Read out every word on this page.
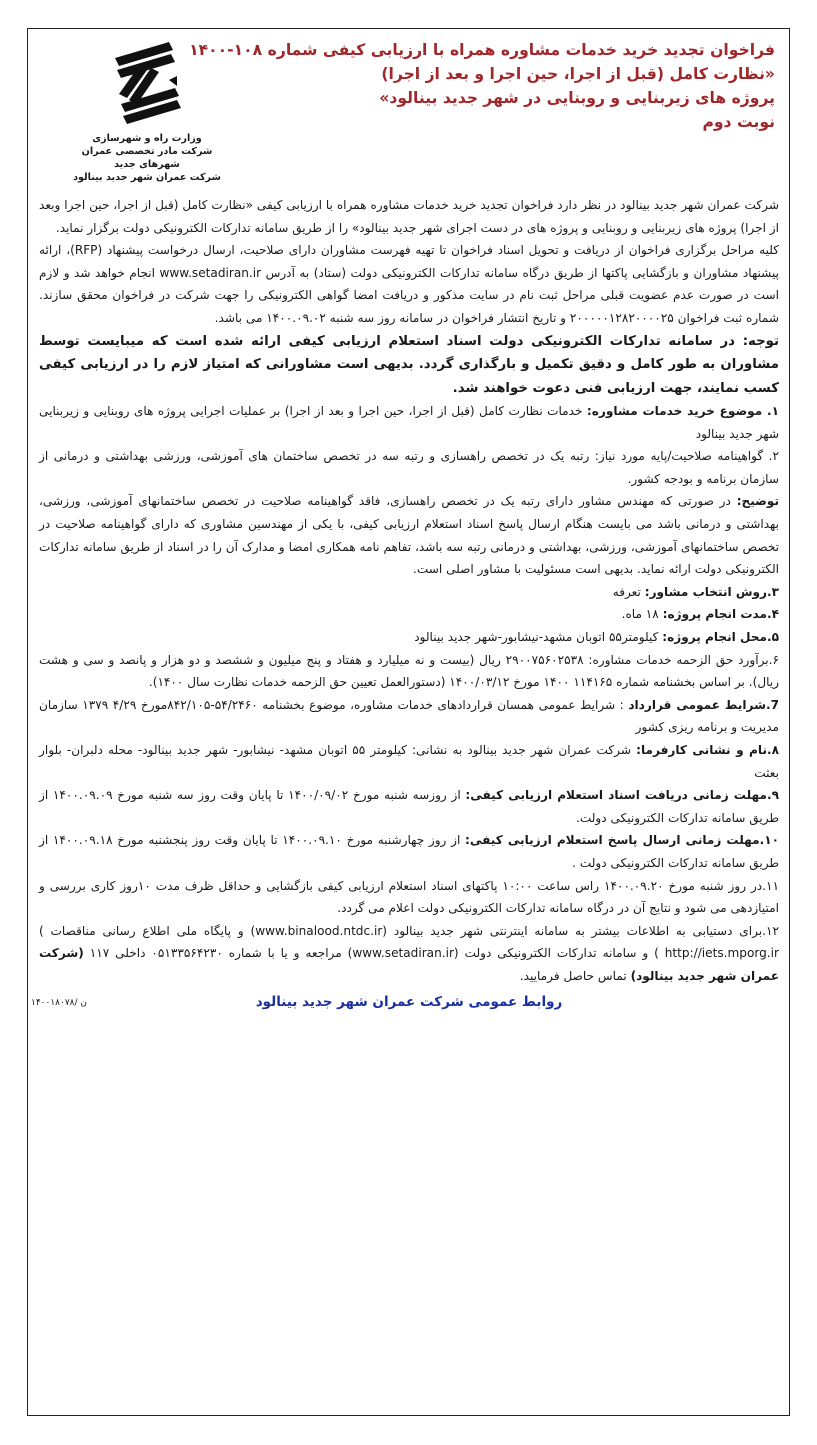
فراخوان تجدید خرید خدمات مشاوره همراه با ارزیابی کیفی شماره ۱۰۸-۱۴۰۰

«نظارت کامل (قبل از اجرا، حین اجرا و بعد از اجرا)

پروژه های زیربنایی و روبنایی در شهر جدید بینالود»

نوبت دوم

وزارت راه و شهرسازی
شرکت مادر تخصصی عمران شهرهای جدید
شرکت عمران شهر جدید بینالود

شرکت عمران شهر جدید بینالود در نظر دارد فراخوان تجدید خرید خدمات مشاوره همراه با ارزیابی کیفی «نظارت کامل (قبل از اجرا، حین اجرا وبعد از اجرا) پروژه های زیربنایی و روبنایی و پروژه های در دست اجرای شهر جدید بینالود» را از طریق سامانه تدارکات الکترونیکی دولت برگزار نماید.

کلیه مراحل برگزاری فراخوان از دریافت و تحویل اسناد فراخوان تا تهیه فهرست مشاوران دارای صلاحیت، ارسال درخواست پیشنهاد (RFP)، ارائه پیشنهاد مشاوران و بازگشایی پاکتها از طریق درگاه سامانه تدارکات الکترونیکی دولت (ستاد) به آدرس www.setadiran.ir انجام خواهد شد و لازم است در صورت عدم عضویت قبلی مراحل ثبت نام در سایت مذکور و دریافت امضا گواهی الکترونیکی را جهت شرکت در فراخوان محقق سازند. شماره ثبت فراخوان ۲۰۰۰۰۰۱۲۸۲۰۰۰۰۲۵ و تاریخ انتشار فراخوان در سامانه روز سه شنبه ۱۴۰۰.۰۹.۰۲ می باشد.

توجه: در سامانه تدارکات الکترونیکی دولت اسناد استعلام ارزیابی کیفی ارائه شده است که میبایست توسط مشاوران به طور کامل و دقیق تکمیل و بارگذاری گردد. بدیهی است مشاورانی که امتیاز لازم را در ارزیابی کیفی کسب نمایند، جهت ارزیابی فنی دعوت خواهند شد.

۱. موضوع خرید خدمات مشاوره: خدمات نظارت کامل (قبل از اجرا، حین اجرا و بعد از اجرا) بر عملیات اجرایی پروژه های روبنایی و زیربنایی شهر جدید بینالود

۲. گواهینامه صلاحیت/پایه مورد نیاز: رتبه یک در تخصص راهسازی و رتبه سه در تخصص ساختمان های آموزشی، ورزشی بهداشتی و درمانی از سازمان برنامه و بودجه کشور.

توضیح: در صورتی که مهندس مشاور دارای رتبه یک در تخصص راهسازی، فاقد گواهینامه صلاحیت در تخصص ساختمانهای آموزشی، ورزشی، بهداشتی و درمانی باشد می بایست هنگام ارسال پاسخ اسناد استعلام ارزیابی کیفی، با یکی از مهندسین مشاوری که دارای گواهینامه صلاحیت در تخصص ساختمانهای آموزشی، ورزشی، بهداشتی و درمانی رتبه سه باشد، تفاهم نامه همکاری امضا و مدارک آن را در اسناد از طریق سامانه تدارکات الکترونیکی دولت ارائه نماید. بدیهی است مسئولیت با مشاور اصلی است.

۳.روش انتخاب مشاور: تعرفه

۴.مدت انجام پروژه: ۱۸ ماه.

۵.محل انجام پروژه: کیلومتر۵۵ اتوبان مشهد-نیشابور-شهر جدید بینالود

۶.برآورد حق الزحمه خدمات مشاوره: ۲۹۰۰۷۵۶۰۲۵۳۸ ریال (بیست و نه میلیارد و هفتاد و پنج میلیون و ششصد و دو هزار و پانصد و سی و هشت ریال). بر اساس بخشنامه شماره ۱۱۴۱۶۵ ۱۴۰۰ مورخ ۱۴۰۰/۰۳/۱۲ (دستورالعمل تعیین حق الزحمه خدمات نظارت سال ۱۴۰۰).

7.شرایط عمومی قرارداد : شرایط عمومی همسان قراردادهای خدمات مشاوره، موضوع بخشنامه ۵۴/۲۴۶۰-۸۴۲/۱۰۵مورخ ۴/۲۹ ۱۳۷۹ سازمان مدیریت و برنامه ریزی کشور

۸.نام و نشانی کارفرما: شرکت عمران شهر جدید بینالود به نشانی: کیلومتر ۵۵ اتوبان مشهد- نیشابور- شهر جدید بینالود- محله دلبران- بلوار بعثت

۹.مهلت زمانی دریافت اسناد استعلام ارزیابی کیفی: از روزسه شنبه مورخ ۱۴۰۰/۰۹/۰۲ تا پایان وقت روز سه شنبه مورخ ۱۴۰۰.۰۹.۰۹ از طریق سامانه تدارکات الکترونیکی دولت.

۱۰.مهلت زمانی ارسال پاسخ استعلام ارزیابی کیفی: از روز چهارشنبه مورخ ۱۴۰۰.۰۹.۱۰ تا پایان وقت روز پنجشنبه مورخ ۱۴۰۰.۰۹.۱۸ از طریق سامانه تدارکات الکترونیکی دولت .

۱۱.در روز شنبه مورخ ۱۴۰۰.۰۹.۲۰ راس ساعت ۱۰:۰۰ پاکتهای اسناد استعلام ارزیابی کیفی بازگشایی و حداقل ظرف مدت ۱۰روز کاری بررسی و امتیازدهی می شود و نتایج آن در درگاه سامانه تدارکات الکترونیکی دولت اعلام می گردد.

۱۲.برای دستیابی به اطلاعات بیشتر به سامانه اینترنتی شهر جدید بینالود (www.binalood.ntdc.ir) و پایگاه ملی اطلاع رسانی مناقصات ( http://iets.mporg.ir ) و سامانه تدارکات الکترونیکی دولت (www.setadiran.ir) مراجعه و یا با شماره ۰۵۱۳۳۵۶۴۲۳۰ داخلی ۱۱۷ (شرکت عمران شهر جدید بینالود) تماس حاصل فرمایید.

روابط عمومی شرکت عمران شهر جدید بینالود
۱۴۰۰۱۸۰۷۸/ ن
